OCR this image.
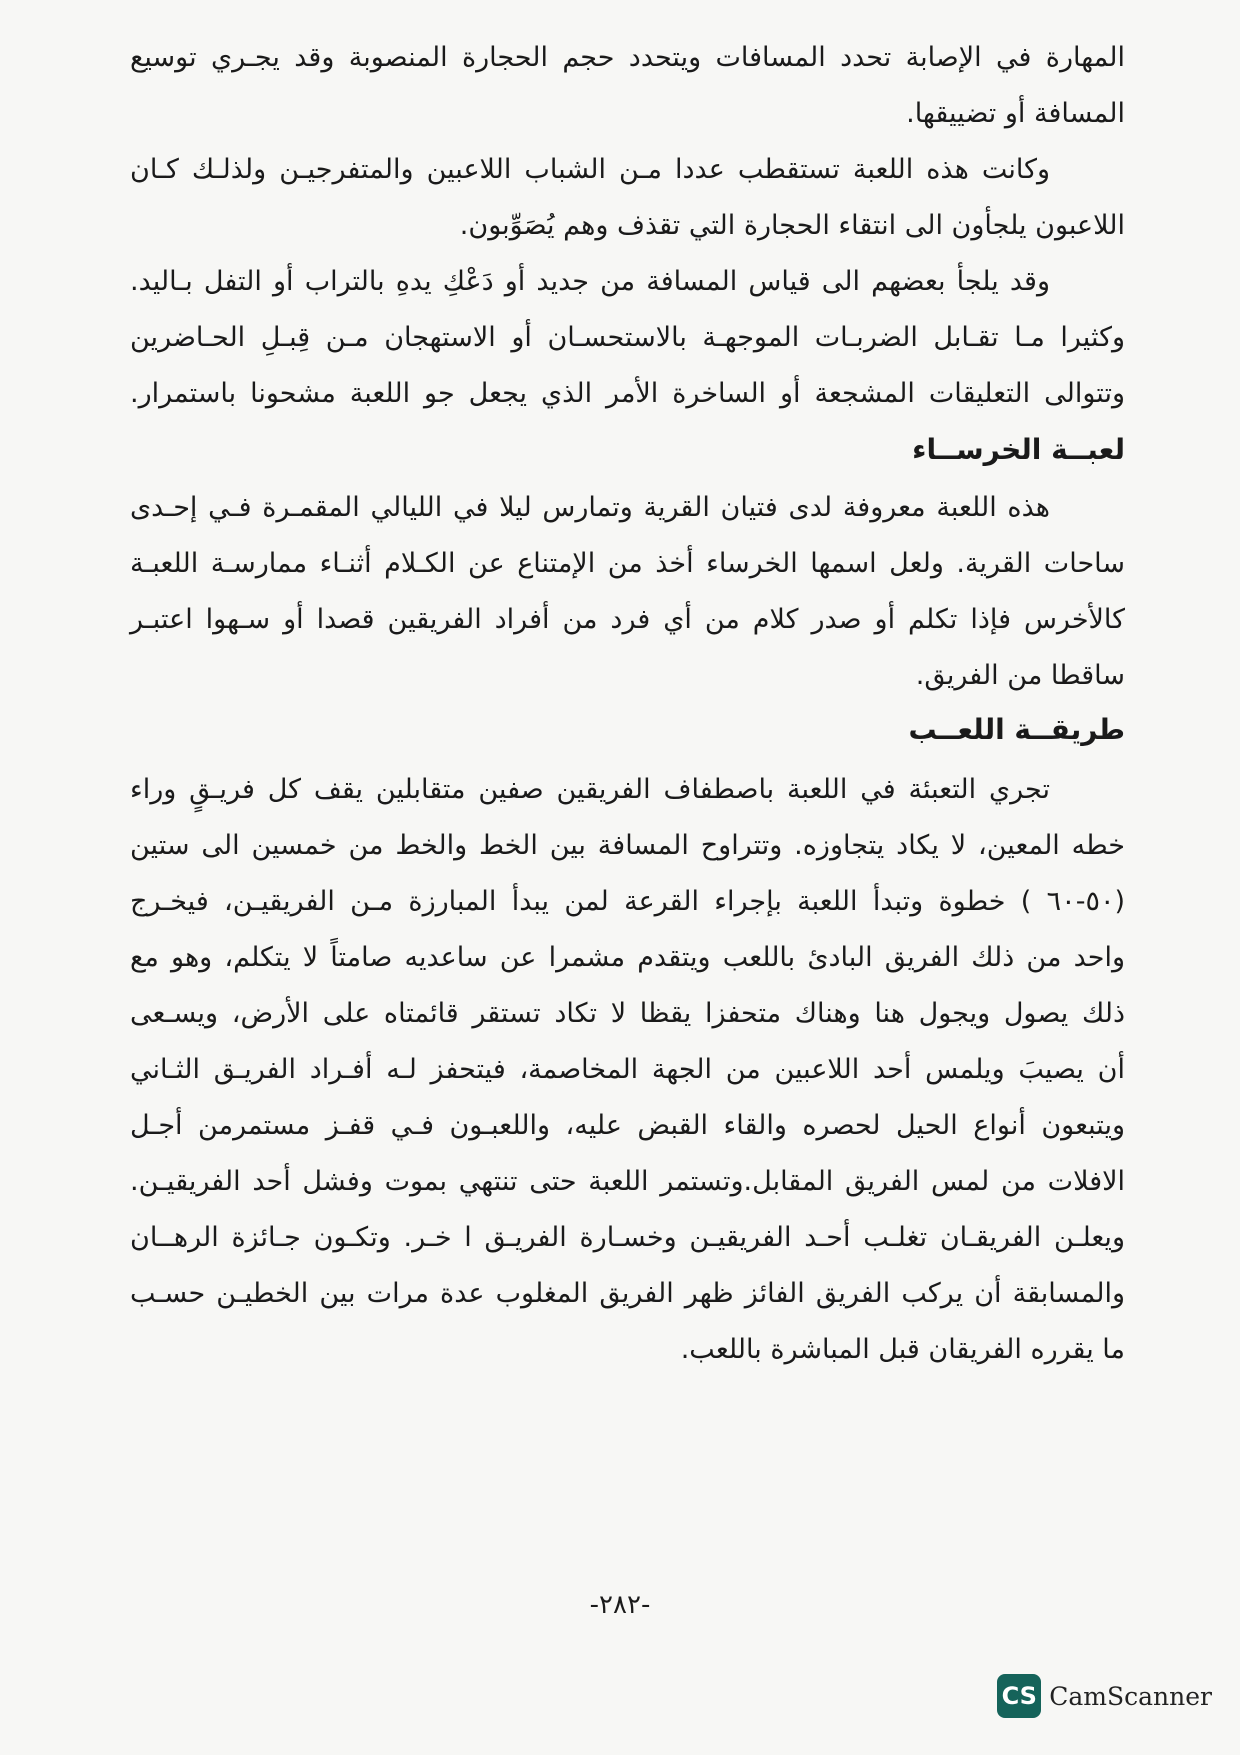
المهارة في الإصابة تحدد المسافات ويتحدد حجم الحجارة المنصوبة وقد يجـري توسيع
المسافة أو تضييقها.
وكانت هذه اللعبة تستقطب عددا مـن الشباب اللاعبين والمتفرجيـن ولذلـك كـان
اللاعبون يلجأون الى انتقاء الحجارة التي تقذف وهم يُصَوِّبون.
وقد يلجأ بعضهم الى قياس المسافة من جديد أو دَعْكِ يدهِ بالتراب أو التفل بـاليد.
وكثيرا مـا تقـابل الضربـات الموجهـة بالاستحسـان أو الاستهجان مـن قِبـلِ الحـاضرين
وتتوالى التعليقات المشجعة أو الساخرة الأمر الذي يجعل جو اللعبة مشحونا باستمرار.
لعبــة الخرســاء
هذه اللعبة معروفة لدى فتيان القرية وتمارس ليلا في الليالي المقمـرة فـي إحـدى
ساحات القرية. ولعل اسمها الخرساء أخذ من الإمتناع عن الكـلام أثنـاء ممارسـة اللعبـة
كالأخرس فإذا تكلم أو صدر كلام من أي فرد من أفراد الفريقين قصدا أو سـهوا اعتبـر
ساقطا من الفريق.
طريقــة اللعــب
تجري التعبئة في اللعبة باصطفاف الفريقين صفين متقابلين يقف كل فريـقٍ وراء
خطه المعين، لا يكاد يتجاوزه. وتتراوح المسافة بين الخط والخط من خمسين الى ستين
(٥٠-٦٠ ) خطوة وتبدأ اللعبة بإجراء القرعة لمن يبدأ المبارزة مـن الفريقيـن، فيخـرج
واحد من ذلك الفريق البادئ باللعب ويتقدم مشمرا عن ساعديه صامتاً لا يتكلم، وهو مع
ذلك يصول ويجول هنا وهناك متحفزا يقظا لا تكاد تستقر قائمتاه على الأرض، ويسـعى
أن يصيبَ ويلمس أحد اللاعبين من الجهة المخاصمة، فيتحفز لـه أفـراد الفريـق الثـاني
ويتبعون أنواع الحيل لحصره والقاء القبض عليه، واللعبـون فـي قفـز مستمرمن أجـل
الافلات من لمس الفريق المقابل.وتستمر اللعبة حتى تنتهي بموت وفشل أحد الفريقيـن.
ويعلـن الفريقـان تغلـب أحـد الفريقيـن وخسـارة الفريـق ا خـر. وتكـون جـائزة الرهــان
والمسابقة أن يركب الفريق الفائز ظهر الفريق المغلوب عدة مرات بين الخطيـن حسـب
ما يقرره الفريقان قبل المباشرة باللعب.
-٢٨٢-
CS CamScanner
